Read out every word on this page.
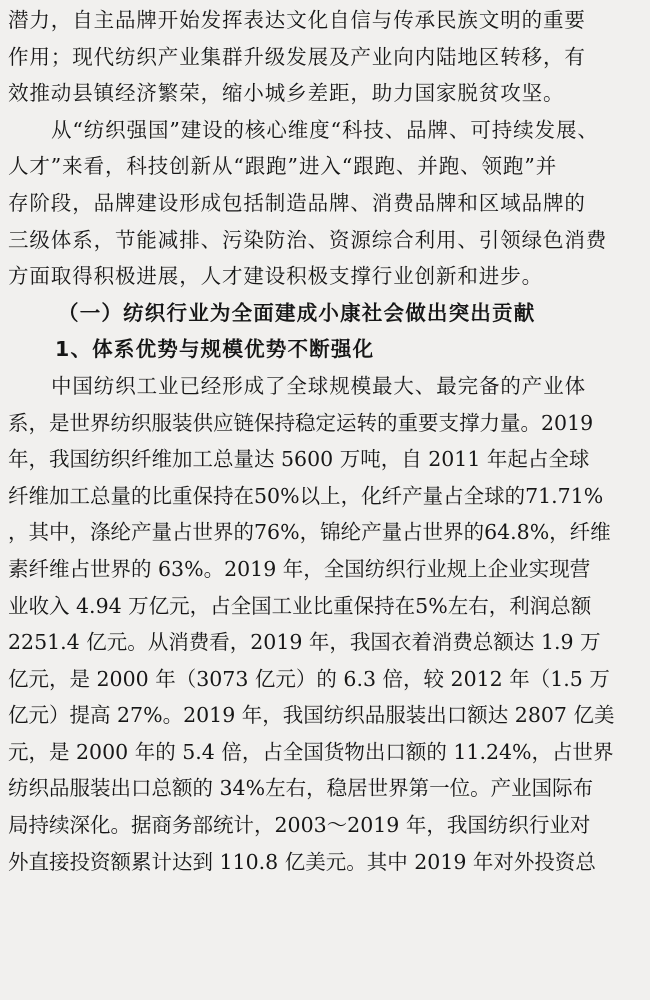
潜力，自主品牌开始发挥表达文化自信与传承民族文明的重要
作用；现代纺织产业集群升级发展及产业向内陆地区转移，有
效推动县镇经济繁荣，缩小城乡差距，助力国家脱贫攻坚。
从“纺织强国”建设的核心维度“科技、品牌、可持续发展、
人才”来看，科技创新从“跟跑”进入“跟跑、并跑、领跑”并
存阶段，品牌建设形成包括制造品牌、消费品牌和区域品牌的
三级体系，节能减排、污染防治、资源综合利用、引领绿色消费
方面取得积极进展，人才建设积极支撑行业创新和进步。
（一）纺织行业为全面建成小康社会做出突出贡献
1、体系优势与规模优势不断强化
中国纺织工业已经形成了全球规模最大、最完备的产业体
系，是世界纺织服装供应链保持稳定运转的重要支撑力量。2019
年，我国纺织纤维加工总量达 5600 万吨，自 2011 年起占全球
纤维加工总量的比重保持在50%以上，化纤产量占全球的71.71%
，其中，涤纶产量占世界的76%，锦纶产量占世界的64.8%，纤维
素纤维占世界的 63%。2019 年，全国纺织行业规上企业实现营
业收入 4.94 万亿元，占全国工业比重保持在5%左右，利润总额
2251.4 亿元。从消费看，2019 年，我国衣着消费总额达 1.9 万
亿元，是 2000 年（3073 亿元）的 6.3 倍，较 2012 年（1.5 万
亿元）提高 27%。2019 年，我国纺织品服装出口额达 2807 亿美
元，是 2000 年的 5.4 倍，占全国货物出口额的 11.24%，占世界
纺织品服装出口总额的 34%左右，稳居世界第一位。产业国际布
局持续深化。据商务部统计，2003～2019 年，我国纺织行业对
外直接投资额累计达到 110.8 亿美元。其中 2019 年对外投资总
